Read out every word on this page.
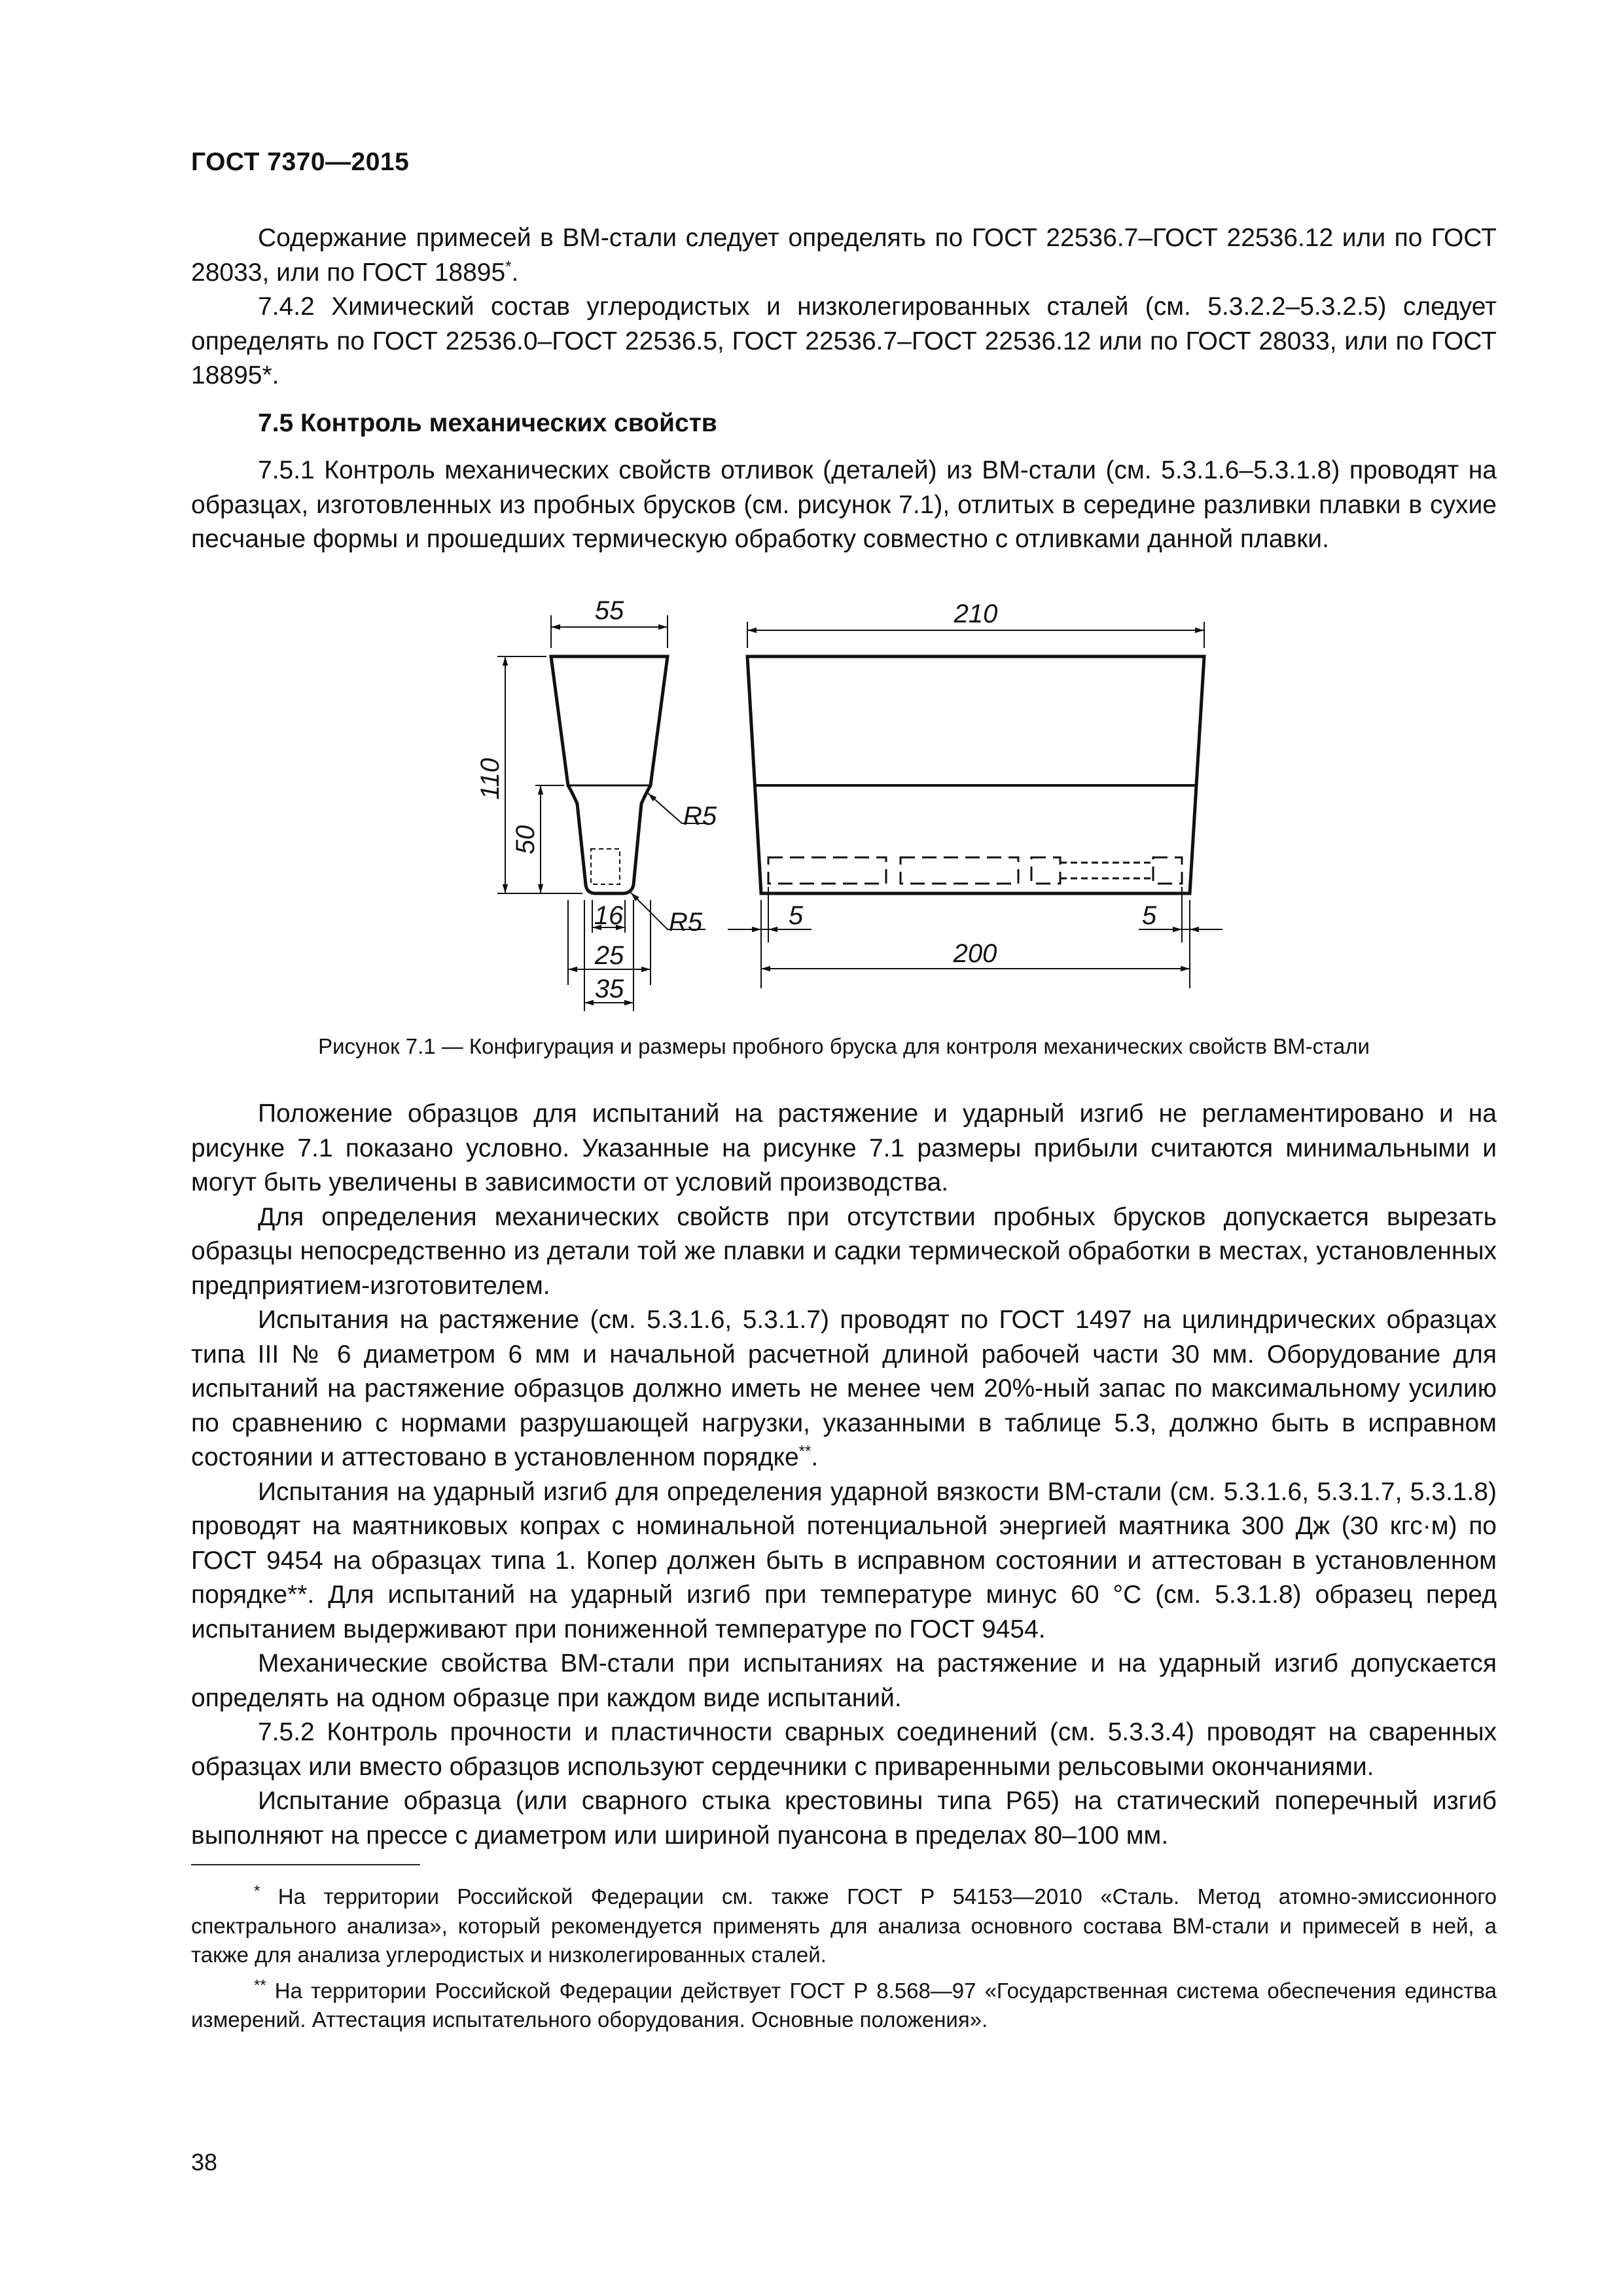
ГОСТ 7370—2015

Содержание примесей в ВМ-стали следует определять по ГОСТ 22536.7–ГОСТ 22536.12 или по ГОСТ 28033, или по ГОСТ 18895*.

7.4.2 Химический состав углеродистых и низколегированных сталей (см. 5.3.2.2–5.3.2.5) следует определять по ГОСТ 22536.0–ГОСТ 22536.5, ГОСТ 22536.7–ГОСТ 22536.12 или по ГОСТ 28033, или по ГОСТ 18895*.

7.5 Контроль механических свойств

7.5.1 Контроль механических свойств отливок (деталей) из ВМ-стали (см. 5.3.1.6–5.3.1.8) проводят на образцах, изготовленных из пробных брусков (см. рисунок 7.1), отлитых в середине разливки плавки в сухие песчаные формы и прошедших термическую обработку совместно с отливками данной плавки.

55
110
50
R5
R5
16
25
35
210
200
5	5
Рисунок 7.1 — Конфигурация и размеры пробного бруска для контроля механических свойств ВМ-стали

Положение образцов для испытаний на растяжение и ударный изгиб не регламентировано и на рисунке 7.1 показано условно. Указанные на рисунке 7.1 размеры прибыли считаются минимальными и могут быть увеличены в зависимости от условий производства.

Для определения механических свойств при отсутствии пробных брусков допускается вырезать образцы непосредственно из детали той же плавки и садки термической обработки в местах, установленных предприятием-изготовителем.

Испытания на растяжение (см. 5.3.1.6, 5.3.1.7) проводят по ГОСТ 1497 на цилиндрических образцах типа III № 6 диаметром 6 мм и начальной расчетной длиной рабочей части 30 мм. Оборудование для испытаний на растяжение образцов должно иметь не менее чем 20%-ный запас по максимальному усилию по сравнению с нормами разрушающей нагрузки, указанными в таблице 5.3, должно быть в исправном состоянии и аттестовано в установленном порядке**.

Испытания на ударный изгиб для определения ударной вязкости ВМ-стали (см. 5.3.1.6, 5.3.1.7, 5.3.1.8) проводят на маятниковых копрах с номинальной потенциальной энергией маятника 300 Дж (30 кгс·м) по ГОСТ 9454 на образцах типа 1. Копер должен быть в исправном состоянии и аттестован в установленном порядке**. Для испытаний на ударный изгиб при температуре минус 60 °С (см. 5.3.1.8) образец перед испытанием выдерживают при пониженной температуре по ГОСТ 9454.

Механические свойства ВМ-стали при испытаниях на растяжение и на ударный изгиб допускается определять на одном образце при каждом виде испытаний.

7.5.2 Контроль прочности и пластичности сварных соединений (см. 5.3.3.4) проводят на сваренных образцах или вместо образцов используют сердечники с приваренными рельсовыми окончаниями.

Испытание образца (или сварного стыка крестовины типа Р65) на статический поперечный изгиб выполняют на прессе с диаметром или шириной пуансона в пределах 80–100 мм.

* На территории Российской Федерации см. также ГОСТ Р 54153—2010 «Сталь. Метод атомно-эмиссионного спектрального анализа», который рекомендуется применять для анализа основного состава ВМ-стали и примесей в ней, а также для анализа углеродистых и низколегированных сталей.

** На территории Российской Федерации действует ГОСТ Р 8.568—97 «Государственная система обеспечения единства измерений. Аттестация испытательного оборудования. Основные положения».

38
